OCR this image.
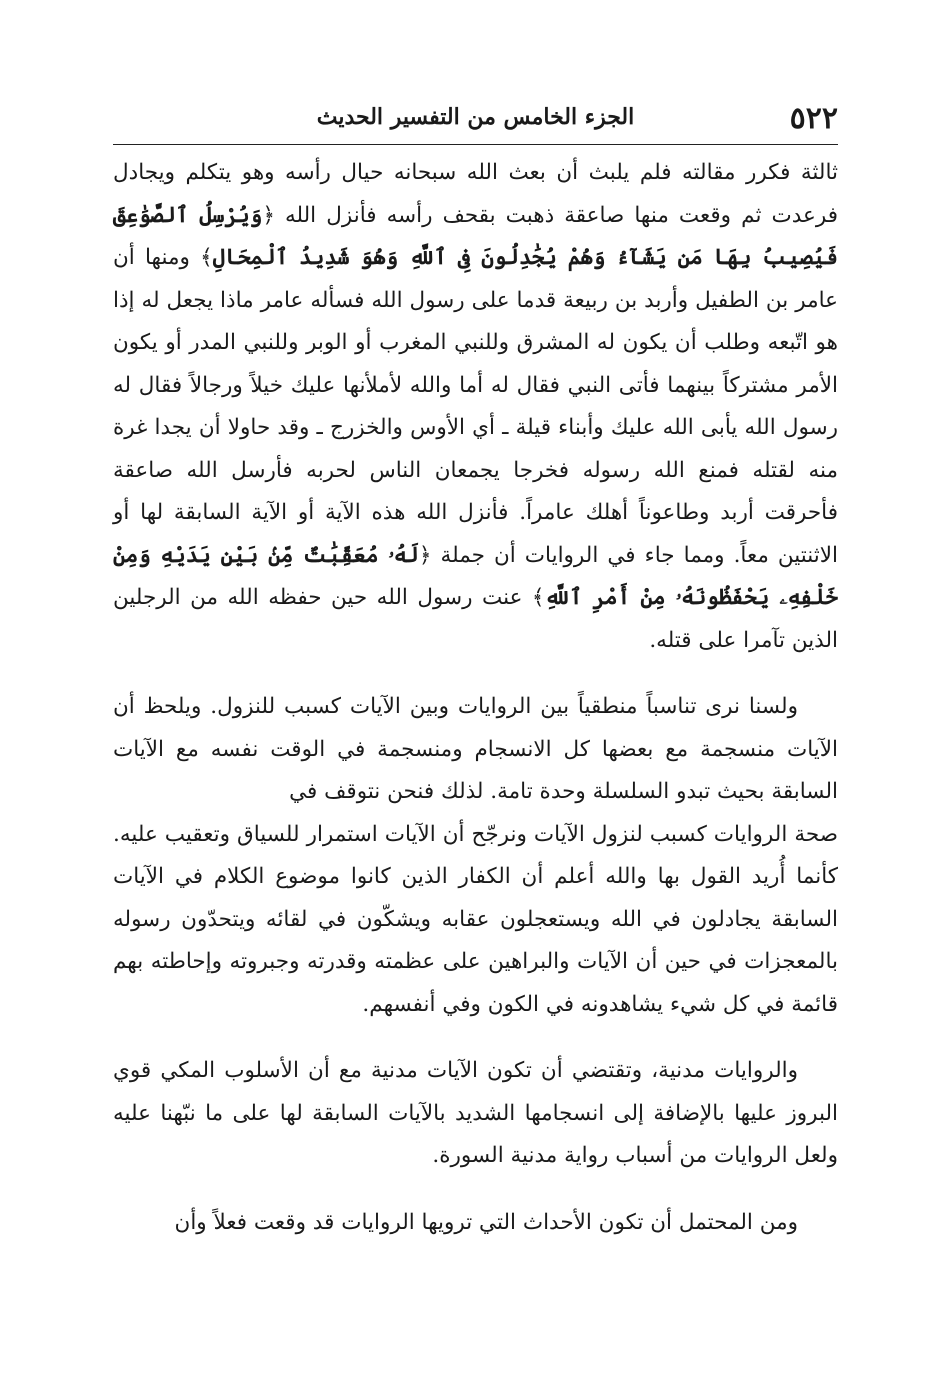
٥٢٢
الجزء الخامس من التفسير الحديث

ثالثة فكرر مقالته فلم يلبث أن بعث الله سبحانه حيال رأسه وهو يتكلم ويجادل فرعدت ثم وقعت منها صاعقة ذهبت بقحف رأسه فأنزل الله ﴿وَيُرْسِلُ ٱلصَّوَٰعِقَ فَيُصِيبُ بِهَا مَن يَشَآءُ وَهُمْ يُجَٰدِلُونَ فِى ٱللَّهِ وَهُوَ شَدِيدُ ٱلْمِحَالِ﴾ ومنها أن عامر بن الطفيل وأربد بن ربيعة قدما على رسول الله فسأله عامر ماذا يجعل له إذا هو اتّبعه وطلب أن يكون له المشرق وللنبي المغرب أو الوبر وللنبي المدر أو يكون الأمر مشتركاً بينهما فأتى النبي فقال له أما والله لأملأنها عليك خيلاً ورجالاً فقال له رسول الله يأبى الله عليك وأبناء قيلة ـ أي الأوس والخزرج ـ وقد حاولا أن يجدا غرة منه لقتله فمنع الله رسوله فخرجا يجمعان الناس لحربه فأرسل الله صاعقة فأحرقت أربد وطاعوناً أهلك عامراً. فأنزل الله هذه الآية أو الآية السابقة لها أو الاثنتين معاً. ومما جاء في الروايات أن جملة ﴿لَهُۥ مُعَقِّبَٰتٌ مِّنۢ بَيْنِ يَدَيْهِ وَمِنْ خَلْفِهِۦ يَحْفَظُونَهُۥ مِنْ أَمْرِ ٱللَّهِ﴾ عنت رسول الله حين حفظه الله من الرجلين الذين تآمرا على قتله.

ولسنا نرى تناسباً منطقياً بين الروايات وبين الآيات كسبب للنزول. ويلحظ أن الآيات منسجمة مع بعضها كل الانسجام ومنسجمة في الوقت نفسه مع الآيات السابقة بحيث تبدو السلسلة وحدة تامة. لذلك فنحن نتوقف في

صحة الروايات كسبب لنزول الآيات ونرجّح أن الآيات استمرار للسياق وتعقيب عليه. كأنما أُريد القول بها والله أعلم أن الكفار الذين كانوا موضوع الكلام في الآيات السابقة يجادلون في الله ويستعجلون عقابه ويشكّون في لقائه ويتحدّون رسوله بالمعجزات في حين أن الآيات والبراهين على عظمته وقدرته وجبروته وإحاطته بهم قائمة في كل شيء يشاهدونه في الكون وفي أنفسهم.

والروايات مدنية، وتقتضي أن تكون الآيات مدنية مع أن الأسلوب المكي قوي البروز عليها بالإضافة إلى انسجامها الشديد بالآيات السابقة لها على ما نبّهنا عليه ولعل الروايات من أسباب رواية مدنية السورة.

ومن المحتمل أن تكون الأحداث التي ترويها الروايات قد وقعت فعلاً وأن
